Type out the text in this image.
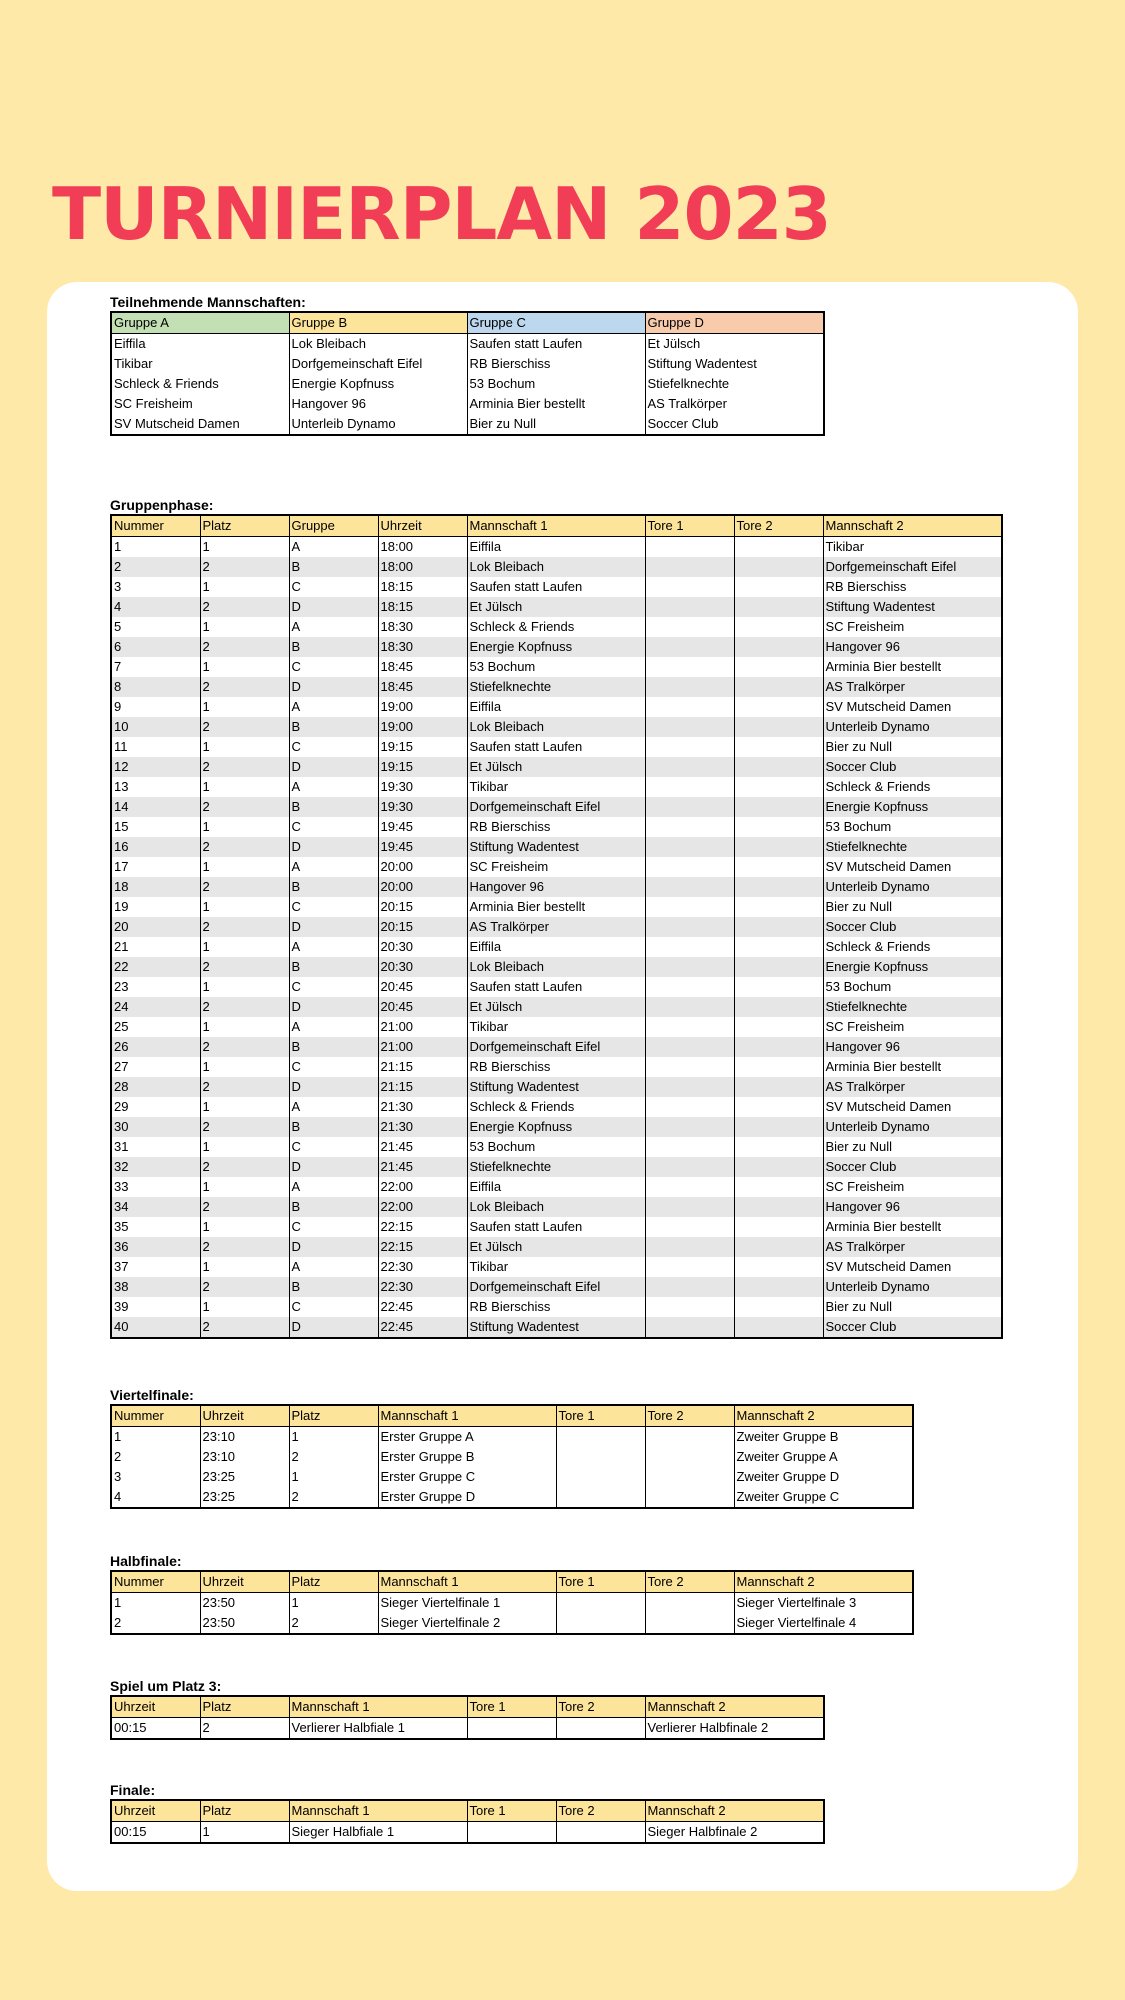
TURNIERPLAN 2023
Teilnehmende Mannschaften:
Gruppe A	Gruppe B	Gruppe C	Gruppe D
Eiffila	Lok Bleibach	Saufen statt Laufen	Et Jülsch
Tikibar	Dorfgemeinschaft Eifel	RB Bierschiss	Stiftung Wadentest
Schleck & Friends	Energie Kopfnuss	53 Bochum	Stiefelknechte
SC Freisheim	Hangover 96	Arminia Bier bestellt	AS Tralkörper
SV Mutscheid Damen	Unterleib Dynamo	Bier zu Null	Soccer Club
Gruppenphase:
Nummer	Platz	Gruppe	Uhrzeit	Mannschaft 1	Tore 1	Tore 2	Mannschaft 2
1	1	A	18:00	Eiffila			Tikibar
2	2	B	18:00	Lok Bleibach			Dorfgemeinschaft Eifel
3	1	C	18:15	Saufen statt Laufen			RB Bierschiss
4	2	D	18:15	Et Jülsch			Stiftung Wadentest
5	1	A	18:30	Schleck & Friends			SC Freisheim
6	2	B	18:30	Energie Kopfnuss			Hangover 96
7	1	C	18:45	53 Bochum			Arminia Bier bestellt
8	2	D	18:45	Stiefelknechte			AS Tralkörper
9	1	A	19:00	Eiffila			SV Mutscheid Damen
10	2	B	19:00	Lok Bleibach			Unterleib Dynamo
11	1	C	19:15	Saufen statt Laufen			Bier zu Null
12	2	D	19:15	Et Jülsch			Soccer Club
13	1	A	19:30	Tikibar			Schleck & Friends
14	2	B	19:30	Dorfgemeinschaft Eifel			Energie Kopfnuss
15	1	C	19:45	RB Bierschiss			53 Bochum
16	2	D	19:45	Stiftung Wadentest			Stiefelknechte
17	1	A	20:00	SC Freisheim			SV Mutscheid Damen
18	2	B	20:00	Hangover 96			Unterleib Dynamo
19	1	C	20:15	Arminia Bier bestellt			Bier zu Null
20	2	D	20:15	AS Tralkörper			Soccer Club
21	1	A	20:30	Eiffila			Schleck & Friends
22	2	B	20:30	Lok Bleibach			Energie Kopfnuss
23	1	C	20:45	Saufen statt Laufen			53 Bochum
24	2	D	20:45	Et Jülsch			Stiefelknechte
25	1	A	21:00	Tikibar			SC Freisheim
26	2	B	21:00	Dorfgemeinschaft Eifel			Hangover 96
27	1	C	21:15	RB Bierschiss			Arminia Bier bestellt
28	2	D	21:15	Stiftung Wadentest			AS Tralkörper
29	1	A	21:30	Schleck & Friends			SV Mutscheid Damen
30	2	B	21:30	Energie Kopfnuss			Unterleib Dynamo
31	1	C	21:45	53 Bochum			Bier zu Null
32	2	D	21:45	Stiefelknechte			Soccer Club
33	1	A	22:00	Eiffila			SC Freisheim
34	2	B	22:00	Lok Bleibach			Hangover 96
35	1	C	22:15	Saufen statt Laufen			Arminia Bier bestellt
36	2	D	22:15	Et Jülsch			AS Tralkörper
37	1	A	22:30	Tikibar			SV Mutscheid Damen
38	2	B	22:30	Dorfgemeinschaft Eifel			Unterleib Dynamo
39	1	C	22:45	RB Bierschiss			Bier zu Null
40	2	D	22:45	Stiftung Wadentest			Soccer Club
Viertelfinale:
Nummer	Uhrzeit	Platz	Mannschaft 1	Tore 1	Tore 2	Mannschaft 2
1	23:10	1	Erster Gruppe A			Zweiter Gruppe B
2	23:10	2	Erster Gruppe B			Zweiter Gruppe A
3	23:25	1	Erster Gruppe C			Zweiter Gruppe D
4	23:25	2	Erster Gruppe D			Zweiter Gruppe C
Halbfinale:
Nummer	Uhrzeit	Platz	Mannschaft 1	Tore 1	Tore 2	Mannschaft 2
1	23:50	1	Sieger Viertelfinale 1			Sieger Viertelfinale 3
2	23:50	2	Sieger Viertelfinale 2			Sieger Viertelfinale 4
Spiel um Platz 3:
Uhrzeit	Platz	Mannschaft 1	Tore 1	Tore 2	Mannschaft 2
00:15	2	Verlierer Halbfiale 1			Verlierer Halbfinale 2
Finale:
Uhrzeit	Platz	Mannschaft 1	Tore 1	Tore 2	Mannschaft 2
00:15	1	Sieger Halbfiale 1			Sieger Halbfinale 2
